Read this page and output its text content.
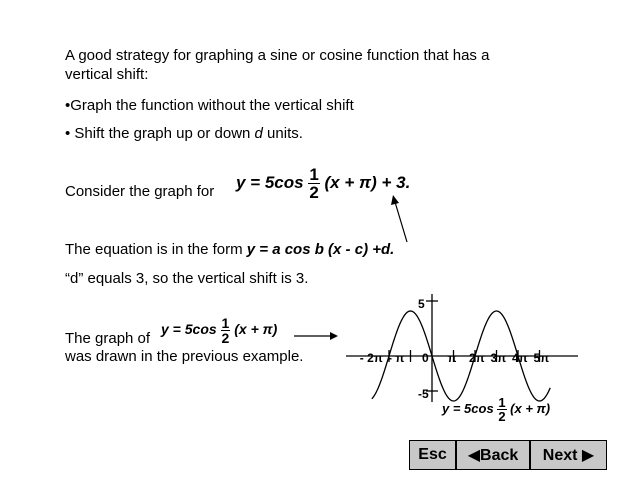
A good strategy for graphing a sine or cosine function that has a
vertical shift:
•Graph the function without the vertical shift
• Shift the graph up or down d units.
Consider the graph for $y = 5\cos \frac{1}{2} (x + \pi) + 3$.
The equation is in the form y = a cos b (x - c) +d.
“d” equals 3, so the vertical shift is 3.
The graph of
$y = 5\cos \frac{1}{2} (x + \pi)$
was drawn in the previous example.
5
-5
- 2π - π 0 π 2π 3π 4π 5π
$y = 5\cos \frac{1}{2} (x + \pi)$
Esc	◀Back	Next ▶
